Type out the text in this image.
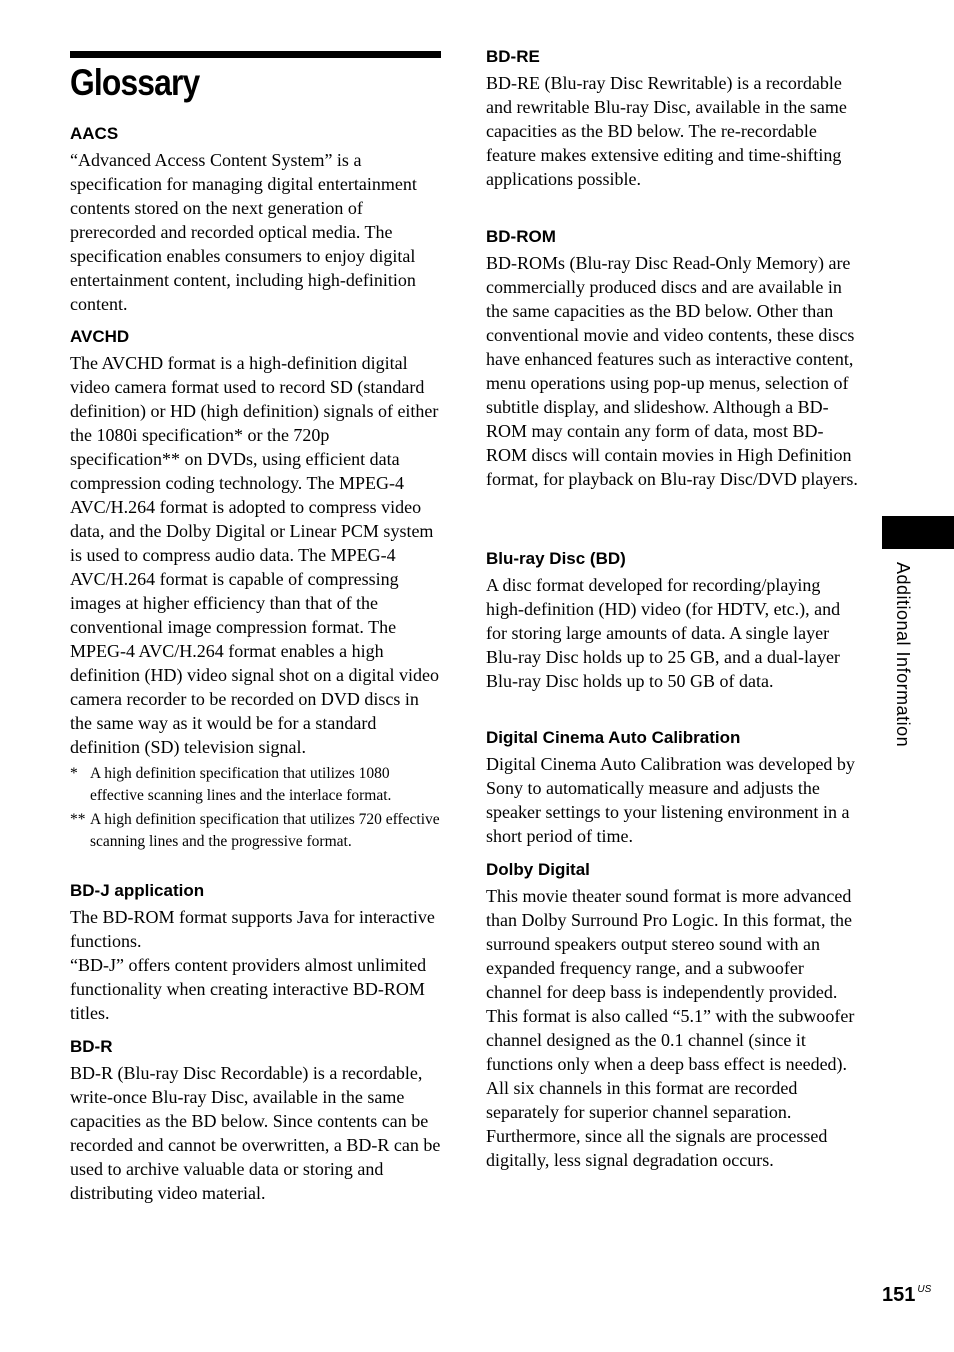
Glossary
AACS

“Advanced Access Content System” is a specification for managing digital entertainment contents stored on the next generation of prerecorded and recorded optical media. The specification enables consumers to enjoy digital entertainment content, including high-definition content.

AVCHD

The AVCHD format is a high-definition digital video camera format used to record SD (standard definition) or HD (high definition) signals of either the 1080i specification* or the 720p specification** on DVDs, using efficient data compression coding technology. The MPEG-4 AVC/H.264 format is adopted to compress video data, and the Dolby Digital or Linear PCM system is used to compress audio data. The MPEG-4 AVC/H.264 format is capable of compressing images at higher efficiency than that of the conventional image compression format. The MPEG-4 AVC/H.264 format enables a high definition (HD) video signal shot on a digital video camera recorder to be recorded on DVD discs in the same way as it would be for a standard definition (SD) television signal.

* A high definition specification that utilizes 1080 effective scanning lines and the interlace format.
** A high definition specification that utilizes 720 effective scanning lines and the progressive format.
BD-J application

The BD-ROM format supports Java for interactive functions.

“BD-J” offers content providers almost unlimited functionality when creating interactive BD-ROM titles.

BD-R

BD-R (Blu-ray Disc Recordable) is a recordable, write-once Blu-ray Disc, available in the same capacities as the BD below. Since contents can be recorded and cannot be overwritten, a BD-R can be used to archive valuable data or storing and distributing video material.

BD-RE

BD-RE (Blu-ray Disc Rewritable) is a recordable and rewritable Blu-ray Disc, available in the same capacities as the BD below. The re-recordable feature makes extensive editing and time-shifting applications possible.

BD-ROM

BD-ROMs (Blu-ray Disc Read-Only Memory) are commercially produced discs and are available in the same capacities as the BD below. Other than conventional movie and video contents, these discs have enhanced features such as interactive content, menu operations using pop-up menus, selection of subtitle display, and slideshow. Although a BD-ROM may contain any form of data, most BD-ROM discs will contain movies in High Definition format, for playback on Blu-ray Disc/DVD players.

Blu-ray Disc (BD)

A disc format developed for recording/playing high-definition (HD) video (for HDTV, etc.), and for storing large amounts of data. A single layer Blu-ray Disc holds up to 25 GB, and a dual-layer Blu-ray Disc holds up to 50 GB of data.

Digital Cinema Auto Calibration

Digital Cinema Auto Calibration was developed by Sony to automatically measure and adjusts the speaker settings to your listening environment in a short period of time.

Dolby Digital

This movie theater sound format is more advanced than Dolby Surround Pro Logic. In this format, the surround speakers output stereo sound with an expanded frequency range, and a subwoofer channel for deep bass is independently provided. This format is also called “5.1” with the subwoofer channel designed as the 0.1 channel (since it functions only when a deep bass effect is needed). All six channels in this format are recorded separately for superior channel separation. Furthermore, since all the signals are processed digitally, less signal degradation occurs.

Additional Information
151 $^{US}$
